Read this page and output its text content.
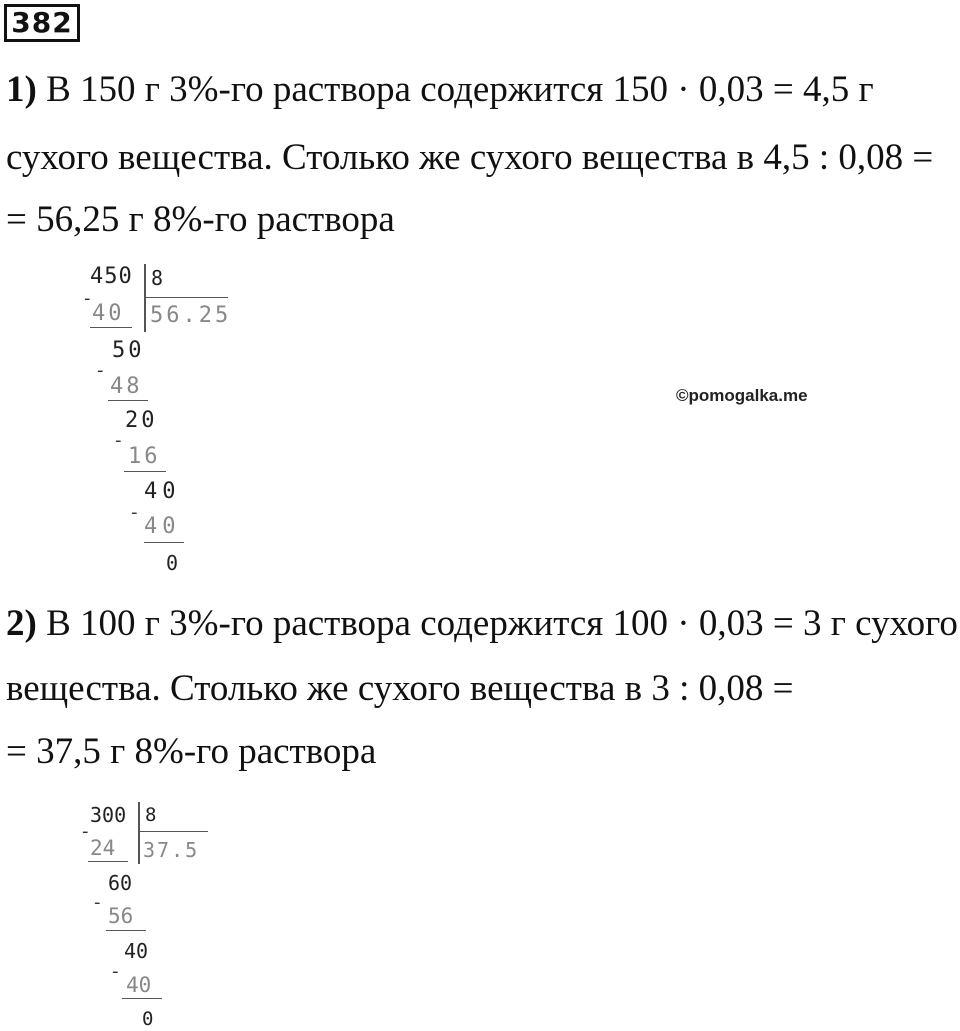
382
1) В 150 г 3%-го раствора содержится 150 · 0,03 = 4,5 г
сухого вещества. Столько же сухого вещества в 4,5 : 0,08 =
= 56,25 г 8%-го раствора
450 8
56.25
-
40
50
-
48
20
-
16
40
-
40
0
©pomogalka.me
2) В 100 г 3%-го раствора содержится 100 · 0,03 = 3 г сухого
вещества. Столько же сухого вещества в 3 : 0,08 =
= 37,5 г 8%-го раствора
300 8
37.5
-
24
60
-
56
40
-
40
0
